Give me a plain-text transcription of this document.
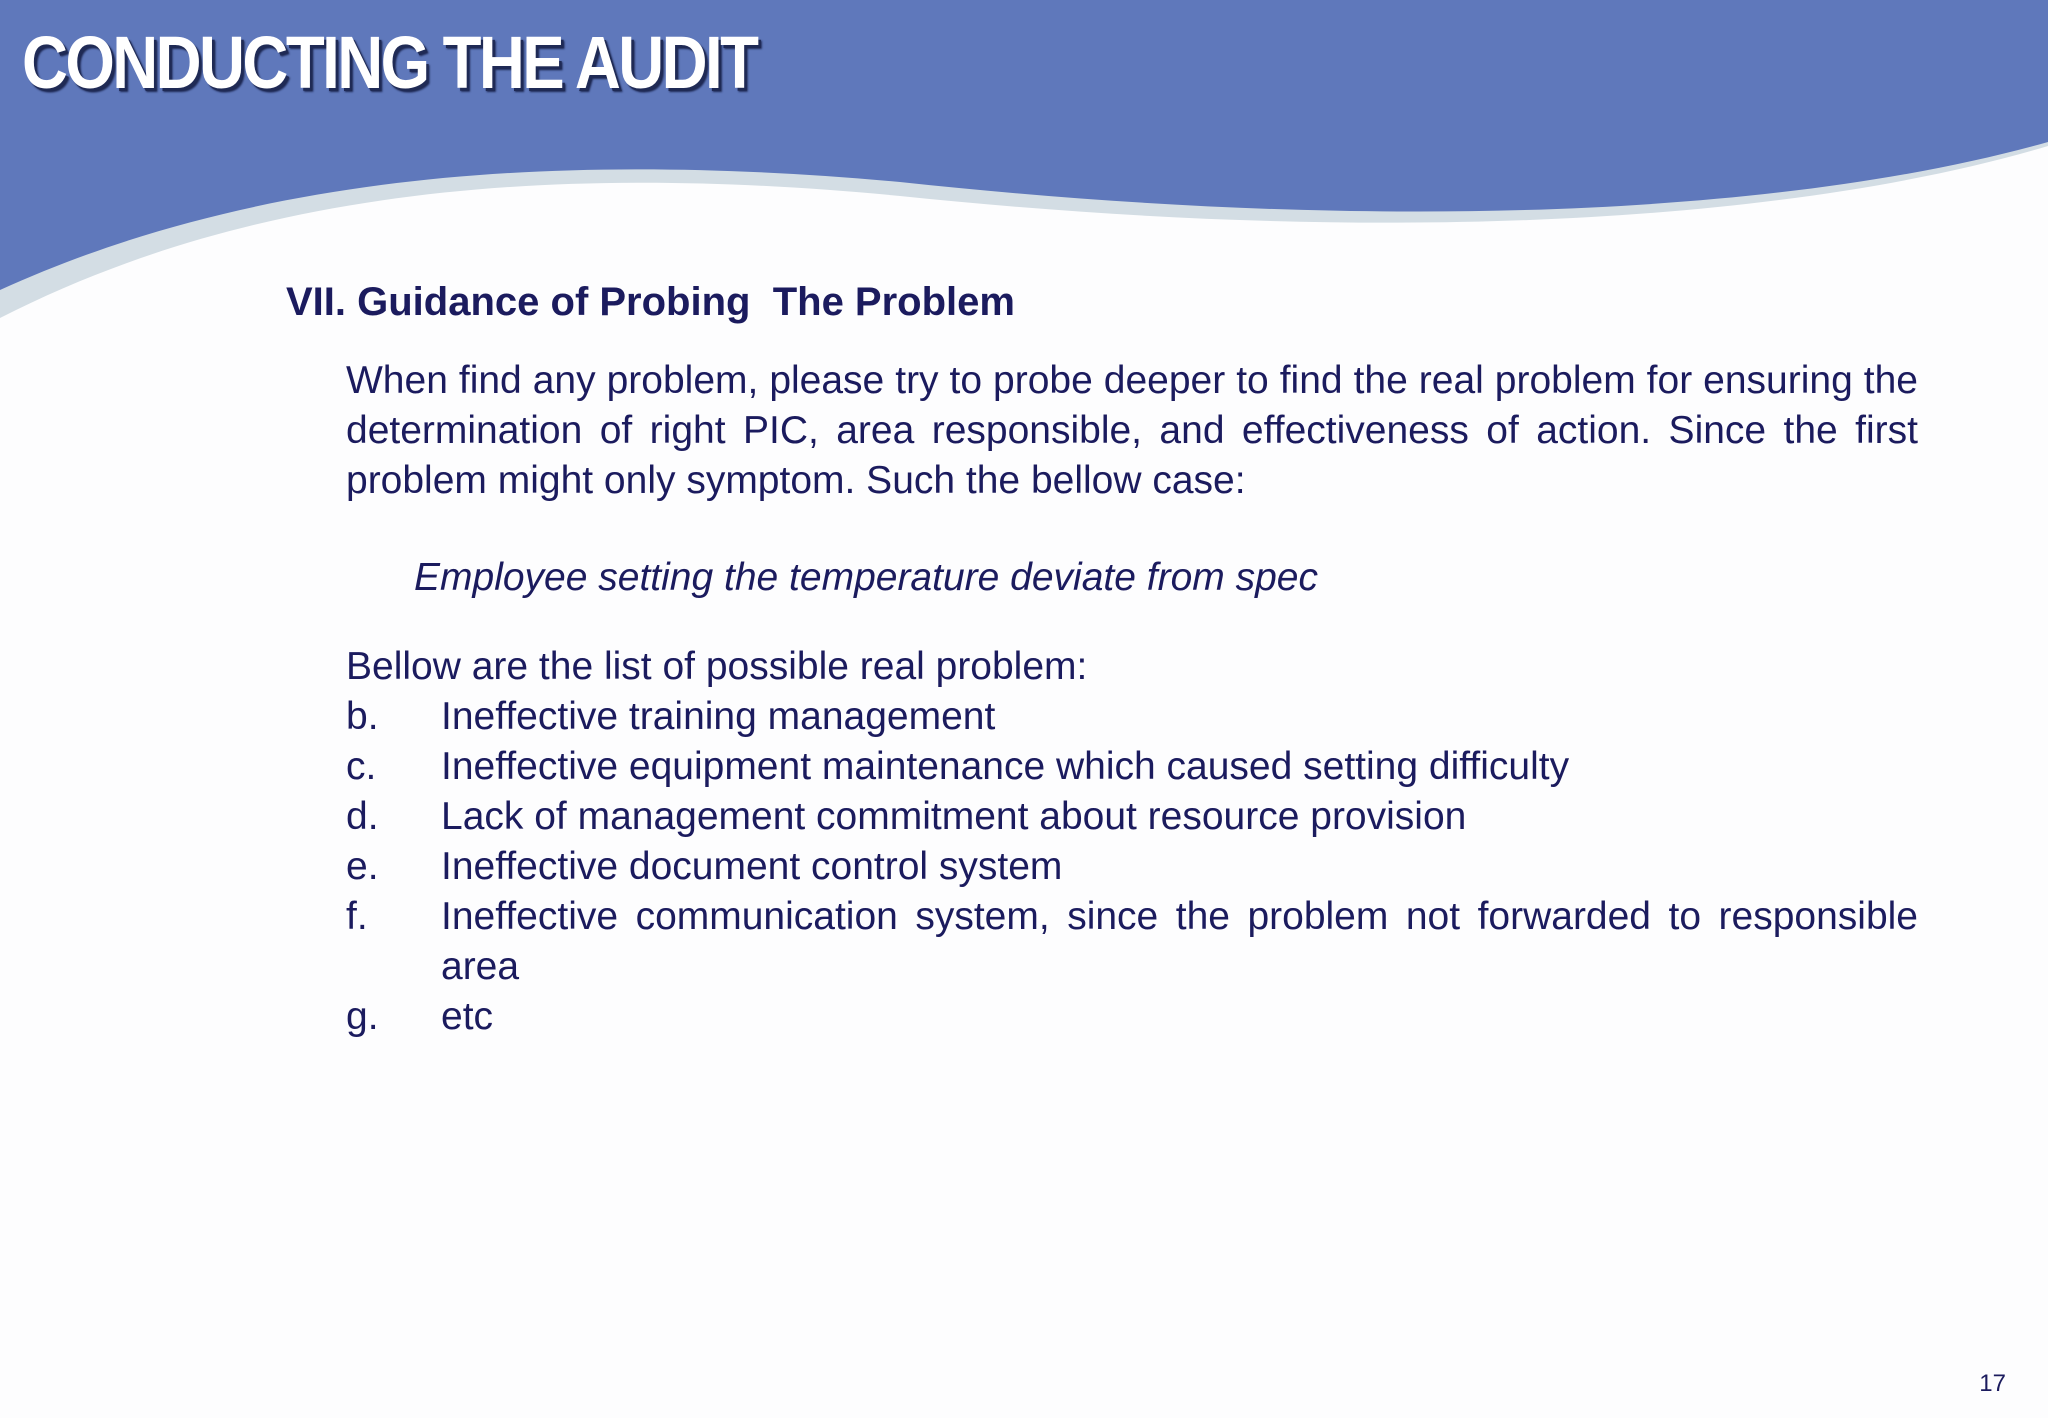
CONDUCTING THE AUDIT
VII. Guidance of Probing  The Problem

When find any problem, please try to probe deeper to find the real problem for ensuring the determination of right PIC, area responsible, and effectiveness of action. Since the first problem might only symptom. Such the bellow case:

Employee setting the temperature deviate from spec

Bellow are the list of possible real problem:

b.	Ineffective training management
c.	Ineffective equipment maintenance which caused setting difficulty
d.	Lack of management commitment about resource provision
e.	Ineffective document control system
f.	Ineffective communication system, since the problem not forwarded to responsible area
g.	etc
17
